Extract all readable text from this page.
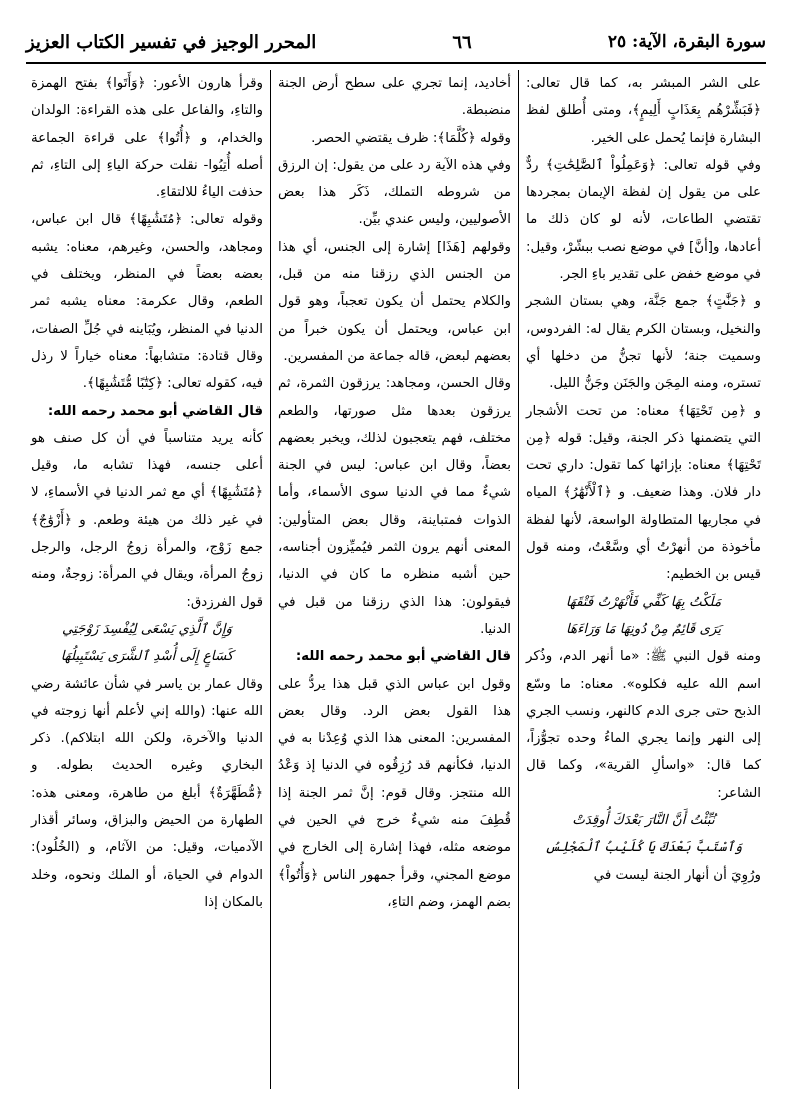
المحرر الوجيز في تفسير الكتاب العزيز	٦٦	سورة البقرة، الآية: ٢٥

على الشر المبشر به، كما قال تعالى: ﴿فَبَشِّرْهُم بِعَذَابٍ أَلِيمٍ﴾، ومتى أُطلق لفظ البشارة فإنما يُحمل على الخير.

وفي قوله تعالى: ﴿وَعَمِلُواْ ٱلصَّٰلِحَٰتِ﴾ ردٌّ على من يقول إن لفظة الإيمان بمجردها تقتضي الطاعات، لأنه لو كان ذلك ما أعادها، و[أنَّ] في موضع نصب ببشّرْ، وقيل: في موضع خفض على تقدير باءِ الجر.

و ﴿جَنَّٰتٍ﴾ جمع جَنَّة، وهي بستان الشجر والنخيل، وبستان الكرم يقال له: الفردوس، وسميت جنة؛ لأنها تجنُّ من دخلها أي تستره، ومنه المِجَن والجَنَن وجَنُّ الليل.

و ﴿مِن تَحْتِهَا﴾ معناه: من تحت الأشجار التي يتضمنها ذكر الجنة، وقيل: قوله ﴿مِن تَحْتِهَا﴾ معناه: بإزائها كما تقول: داري تحت دار فلان. وهذا ضعيف. و ﴿ٱلْأَنْهَٰرُ﴾ المياه في مجاريها المتطاولة الواسعة، لأنها لفظة مأخوذة من أنهرْتُ أي وسَّعْتُ، ومنه قول قيس بن الخطيم:

مَلَكْتُ بِهَا كَفِّي فَأَنْهَرْتُ فَتْقَهَا

يَرَى قَائِمٌ مِنْ دُونِهَا مَا وَرَاءَهَا

ومنه قول النبي ﷺ: «ما أنهر الدم، وذُكر اسم الله عليه فكلوه». معناه: ما وسّع الذبح حتى جرى الدم كالنهر، ونسب الجري إلى النهر وإنما يجري الماءُ وحده تجوُّزاً، كما قال: «واسألِ القرية»، وكما قال الشاعر:

نُبِّئْتُ أَنَّ النَّارَ بَعْدَكَ أُوقِدَتْ

وَٱسْتَبَّ بَعْدَكَ يَا كُلَيْبُ ٱلْمَجْلِسُ

ورُوِيَ أن أنهار الجنة ليست في

أخاديد، إنما تجري على سطح أرض الجنة منضبطة.

وقوله ﴿كُلَّمَا﴾: ظرف يقتضي الحصر.

وفي هذه الآية رد على من يقول: إن الرزق من شروطه التملك، ذَكَر هذا بعض الأصوليين، وليس عندي بيِّن.

وقولهم [هَذَا] إشارة إلى الجنس، أي هذا من الجنس الذي رزقنا منه من قبل، والكلام يحتمل أن يكون تعجباً، وهو قول ابن عباس، ويحتمل أن يكون خبراً من بعضهم لبعض، قاله جماعة من المفسرين.

وقال الحسن، ومجاهد: يرزقون الثمرة، ثم يرزقون بعدها مثل صورتها، والطعم مختلف، فهم يتعجبون لذلك، ويخبر بعضهم بعضاً، وقال ابن عباس: ليس في الجنة شيءٌ مما في الدنيا سوى الأسماء، وأما الذوات فمتباينة، وقال بعض المتأولين: المعنى أنهم يرون الثمر فيُميِّزون أجناسه، حين أشبه منظره ما كان في الدنيا، فيقولون: هذا الذي رزقنا من قبل في الدنيا.

قال القاضي أبو محمد رحمه الله:

وقول ابن عباس الذي قبل هذا يردُّ على هذا القول بعض الرد. وقال بعض المفسرين: المعنى هذا الذي وُعِدْنا به في الدنيا، فكأنهم قد رُزِقُوه في الدنيا إذ وَعْدُ الله منتجز. وقال قوم: إنَّ ثمر الجنة إذا قُطِفَ منه شيءٌ خرج في الحين في موضعه مثله، فهذا إشارة إلى الخارج في موضع المجني، وقرأ جمهور الناس ﴿وَأُتُواْ﴾ بضم الهمز، وضم التاءِ،

وقرأ هارون الأعور: ﴿وَأَتَوا﴾ بفتح الهمزة والتاءِ، والفاعل على هذه القراءة: الولدان والخدام، و ﴿أُتُوا﴾ على قراءة الجماعة أصله أُتِيُوا- نقلت حركة الياءِ إلى التاءِ، ثم حذفت الياءُ للالتقاءِ.

وقوله تعالى: ﴿مُتَشَٰبِهًا﴾ قال ابن عباس، ومجاهد، والحسن، وغيرهم، معناه: يشبه بعضه بعضاً في المنظر، ويختلف في الطعم، وقال عكرمة: معناه يشبه ثمر الدنيا في المنظر، ويُبَاينه في جُلِّ الصفات، وقال قتادة: متشابهاً: معناه خياراً لا رذل فيه، كقوله تعالى: ﴿كِتَٰبًا مُّتَشَٰبِهًا﴾.

قال القاضي أبو محمد رحمه الله:

كأنه يريد متناسباً في أن كل صنف هو أعلى جنسه، فهذا تشابه ما، وقيل ﴿مُتَشَٰبِهًا﴾ أي مع ثمر الدنيا في الأسماءِ، لا في غير ذلك من هيئة وطعم. و ﴿أَزْوَٰجٌ﴾ جمع زَوْج، والمرأة زوجُ الرجل، والرجل زوجُ المرأة، ويقال في المرأة: زوجةٌ، ومنه قول الفرزدق:

وَإِنَّ ٱلَّذِي يَسْعَى لِيُفْسِدَ زَوْجَتِي

كَسَاعٍ إِلَى أُسْدِ ٱلشَّرَى يَسْتَبِيلُهَا

وقال عمار بن ياسر في شأن عائشة رضي الله عنها: (والله إني لأعلم أنها زوجته في الدنيا والآخرة، ولكن الله ابتلاكم). ذكر البخاري وغيره الحديث بطوله. و ﴿مُّطَهَّرَةٌ﴾ أبلغ من طاهرة، ومعنى هذه: الطهارة من الحيض والبزاق، وسائر أقذار الآدميات، وقيل: من الآثام، و (الخُلُود): الدوام في الحياة، أو الملك ونحوه، وخلد بالمكان إذا
